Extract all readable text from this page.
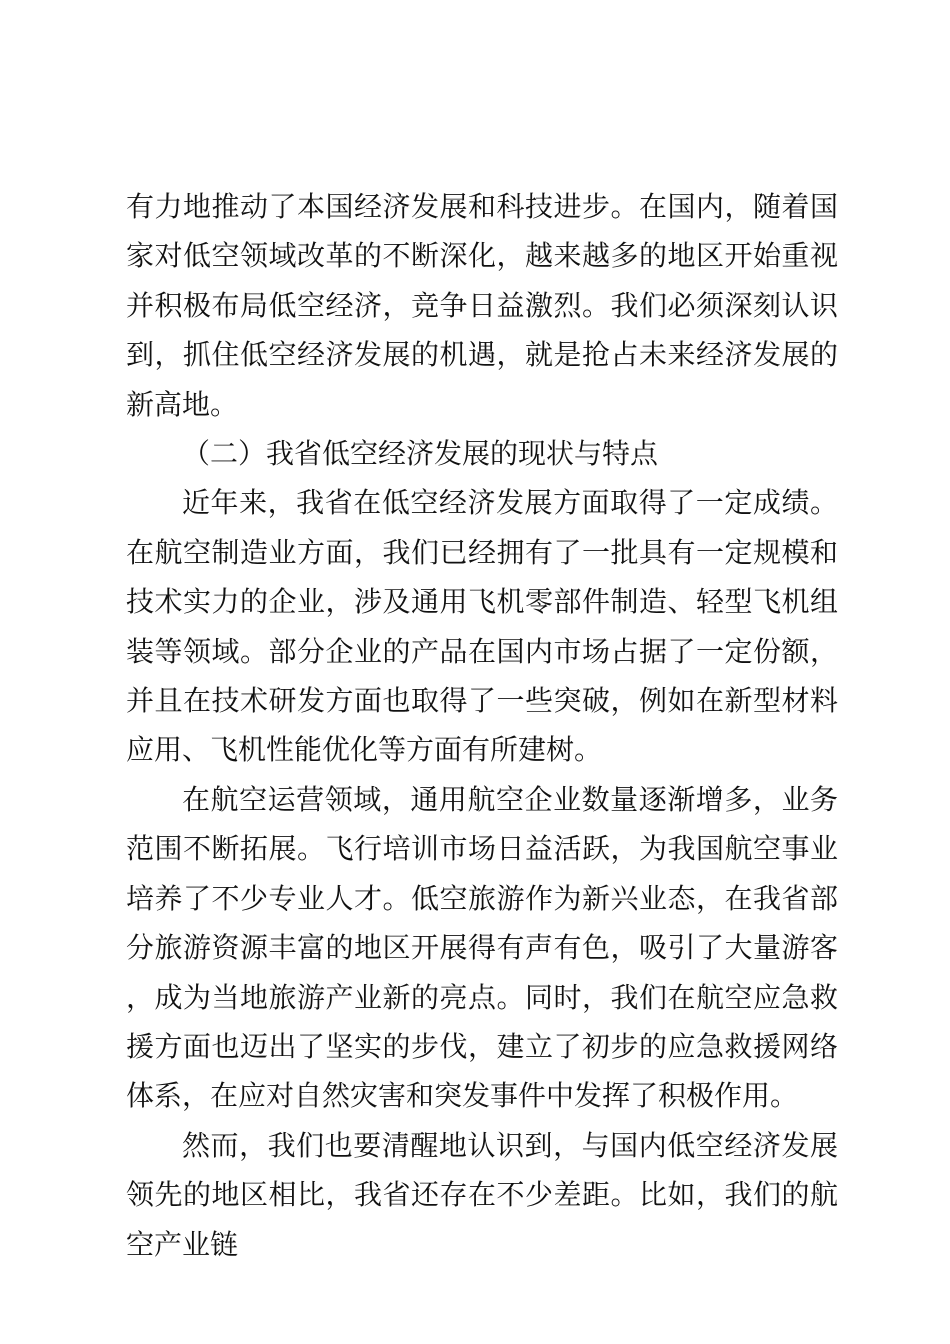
有力地推动了本国经济发展和科技进步。在国内，随着国家对低空领域改革的不断深化，越来越多的地区开始重视并积极布局低空经济，竞争日益激烈。我们必须深刻认识到，抓住低空经济发展的机遇，就是抢占未来经济发展的新高地。

（二）我省低空经济发展的现状与特点

近年来，我省在低空经济发展方面取得了一定成绩。在航空制造业方面，我们已经拥有了一批具有一定规模和技术实力的企业，涉及通用飞机零部件制造、轻型飞机组装等领域。部分企业的产品在国内市场占据了一定份额，并且在技术研发方面也取得了一些突破，例如在新型材料应用、飞机性能优化等方面有所建树。

在航空运营领域，通用航空企业数量逐渐增多，业务范围不断拓展。飞行培训市场日益活跃，为我国航空事业培养了不少专业人才。低空旅游作为新兴业态，在我省部分旅游资源丰富的地区开展得有声有色，吸引了大量游客，成为当地旅游产业新的亮点。同时，我们在航空应急救援方面也迈出了坚实的步伐，建立了初步的应急救援网络体系，在应对自然灾害和突发事件中发挥了积极作用。

然而，我们也要清醒地认识到，与国内低空经济发展领先的地区相比，我省还存在不少差距。比如，我们的航空产业链
